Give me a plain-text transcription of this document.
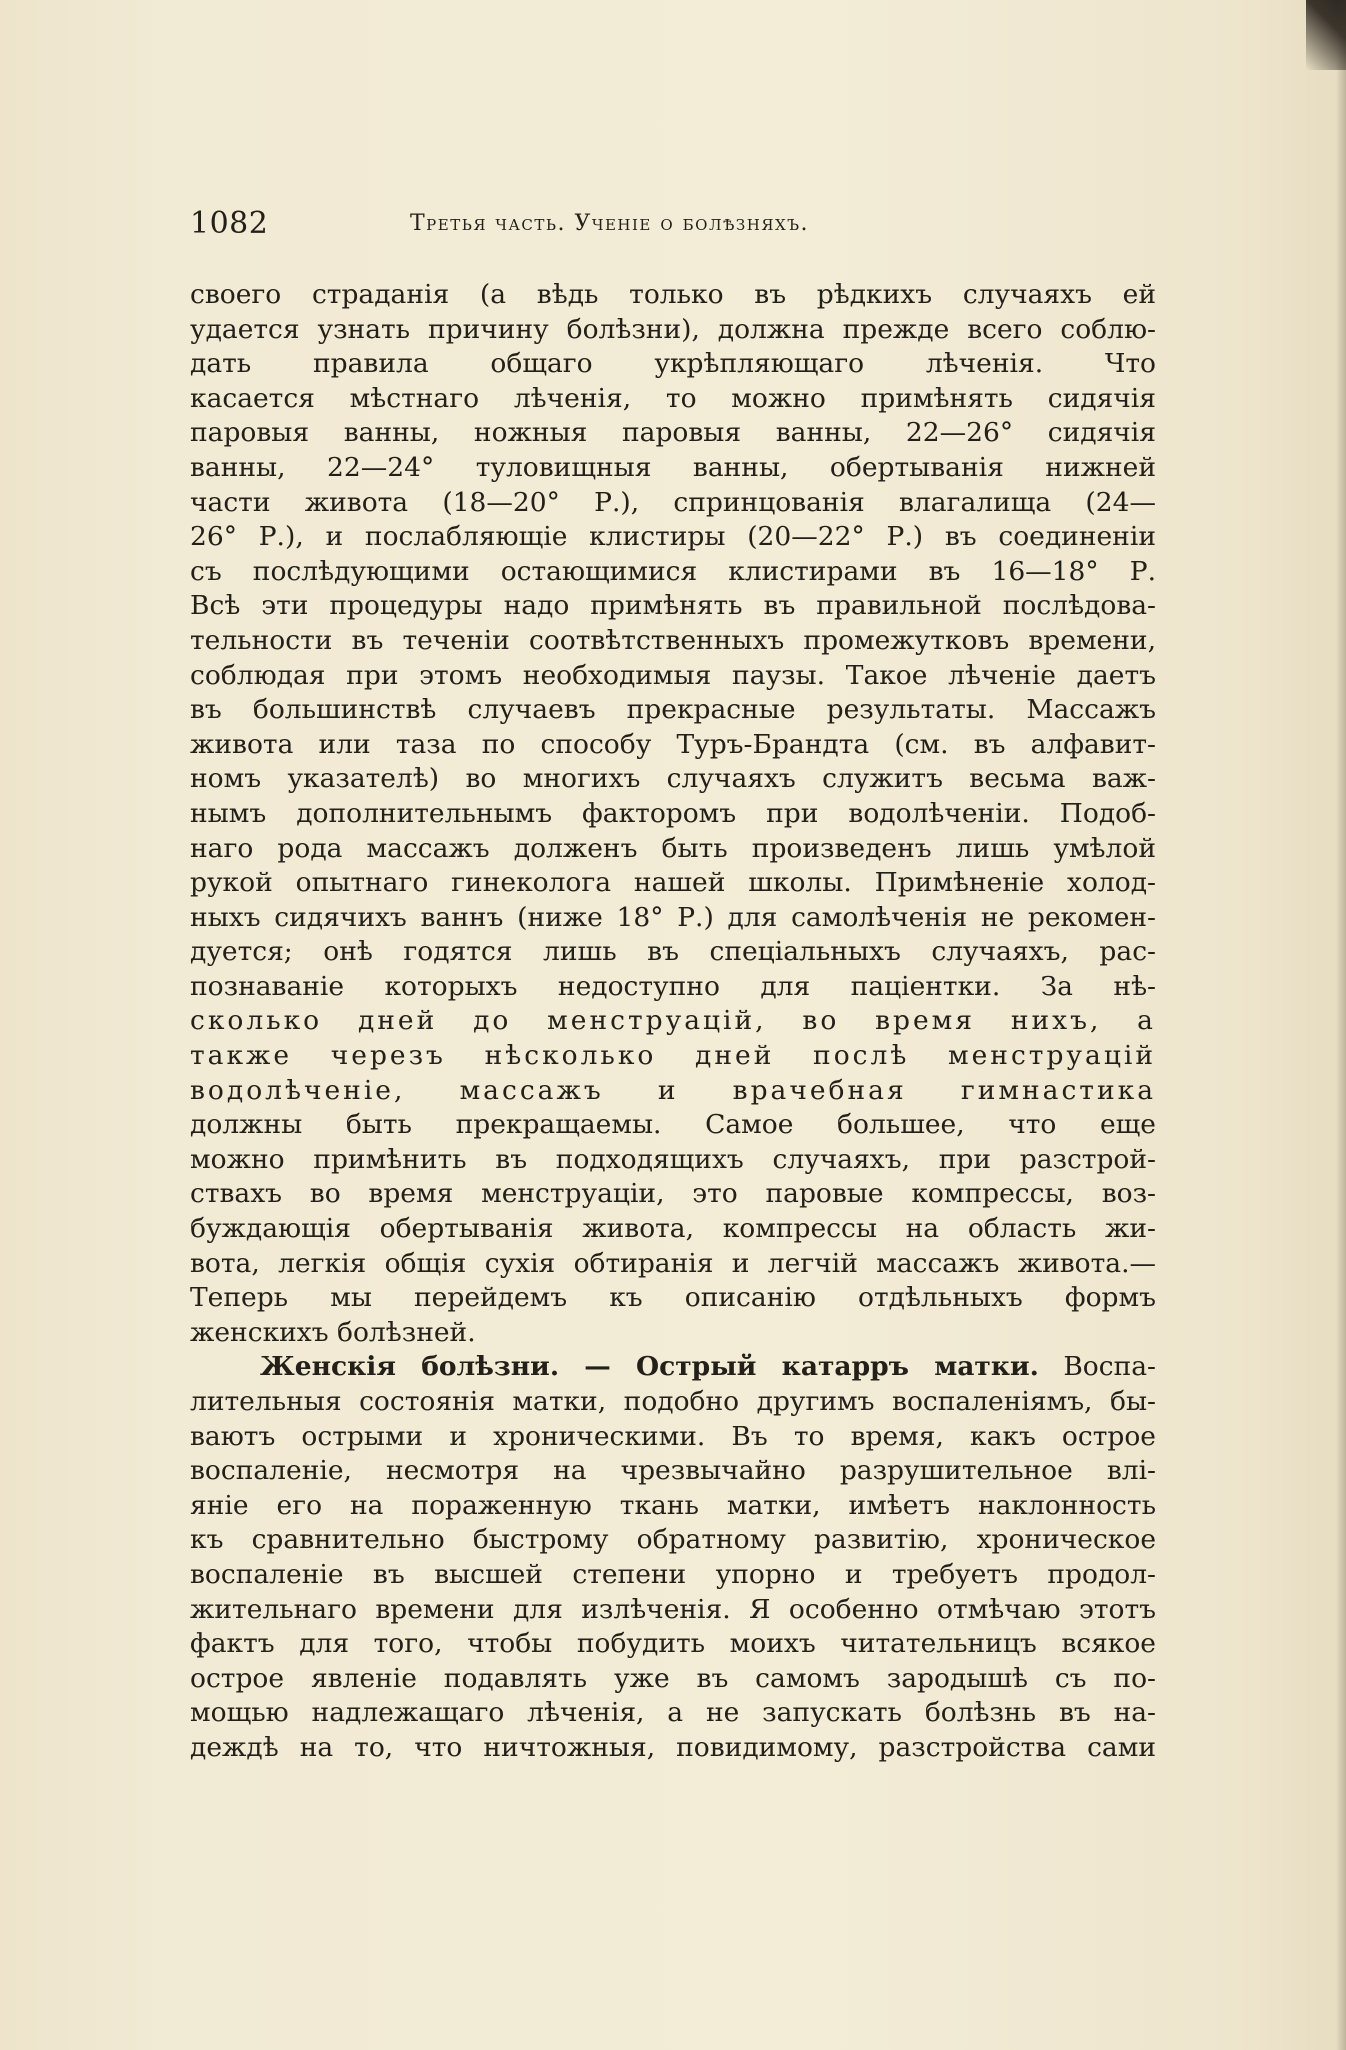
1082	Третья часть. Ученіе о болѣзняхъ.
своего страданія (а вѣдь только въ рѣдкихъ случаяхъ ей
удается узнать причину болѣзни), должна прежде всего соблю-
дать правила общаго укрѣпляющаго лѣченія. Что
касается мѣстнаго лѣченія, то можно примѣнять сидячія
паровыя ванны, ножныя паровыя ванны, 22—26° сидячія
ванны, 22—24° туловищныя ванны, обертыванія нижней
части живота (18—20° Р.), спринцованія влагалища (24—
26° Р.), и послабляющіе клистиры (20—22° Р.) въ соединеніи
съ послѣдующими остающимися клистирами въ 16—18° Р.
Всѣ эти процедуры надо примѣнять въ правильной послѣдова-
тельности въ теченіи соотвѣтственныхъ промежутковъ времени,
соблюдая при этомъ необходимыя паузы. Такое лѣченіе даетъ
въ большинствѣ случаевъ прекрасные результаты. Массажъ
живота или таза по способу Туръ-Брандта (см. въ алфавит-
номъ указателѣ) во многихъ случаяхъ служитъ весьма важ-
нымъ дополнительнымъ факторомъ при водолѣченіи. Подоб-
наго рода массажъ долженъ быть произведенъ лишь умѣлой
рукой опытнаго гинеколога нашей школы. Примѣненіе холод-
ныхъ сидячихъ ваннъ (ниже 18° Р.) для самолѣченія не рекомен-
дуется; онѣ годятся лишь въ спеціальныхъ случаяхъ, рас-
познаваніе которыхъ недоступно для паціентки. За нѣ-
сколько дней до менструацій, во время нихъ, а
также черезъ нѣсколько дней послѣ менструацій
водолѣченіе, массажъ и врачебная гимнастика
должны быть прекращаемы. Самое большее, что еще
можно примѣнить въ подходящихъ случаяхъ, при разстрой-
ствахъ во время менструаціи, это паровые компрессы, воз-
буждающія обертыванія живота, компрессы на область жи-
вота, легкія общія сухія обтиранія и легчій массажъ живота.—
Теперь мы перейдемъ къ описанію отдѣльныхъ формъ
женскихъ болѣзней.
Женскія болѣзни. — Острый катарръ матки. Воспа-
лительныя состоянія матки, подобно другимъ воспаленіямъ, бы-
ваютъ острыми и хроническими. Въ то время, какъ острое
воспаленіе, несмотря на чрезвычайно разрушительное влі-
яніе его на пораженную ткань матки, имѣетъ наклонность
къ сравнительно быстрому обратному развитію, хроническое
воспаленіе въ высшей степени упорно и требуетъ продол-
жительнаго времени для излѣченія. Я особенно отмѣчаю этотъ
фактъ для того, чтобы побудить моихъ читательницъ всякое
острое явленіе подавлять уже въ самомъ зародышѣ съ по-
мощью надлежащаго лѣченія, а не запускать болѣзнь въ на-
деждѣ на то, что ничтожныя, повидимому, разстройства сами
